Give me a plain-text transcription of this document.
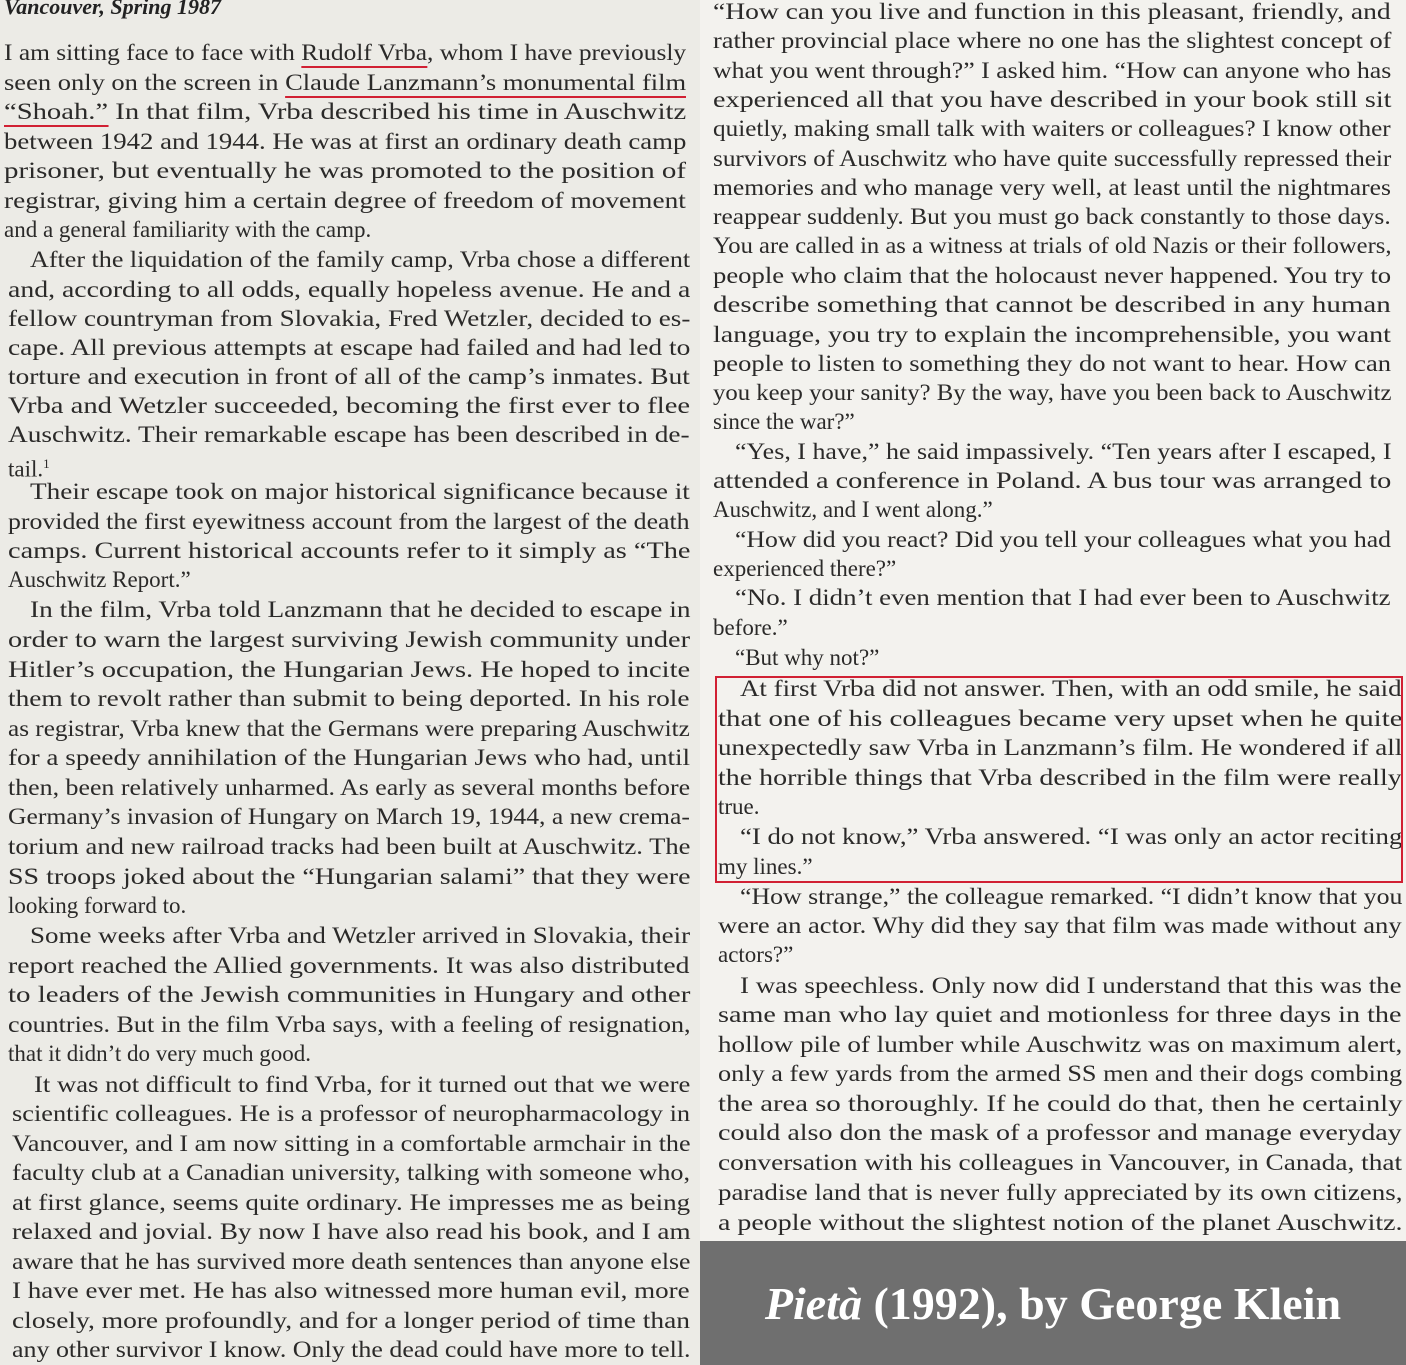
Vancouver, Spring 1987
I am sitting face to face with Rudolf Vrba, whom I have previously
seen only on the screen in Claude Lanzmann’s monumental film
“Shoah.” In that film, Vrba described his time in Auschwitz
between 1942 and 1944. He was at first an ordinary death camp
prisoner, but eventually he was promoted to the position of
registrar, giving him a certain degree of freedom of movement
and a general familiarity with the camp.
After the liquidation of the family camp, Vrba chose a different
and, according to all odds, equally hopeless avenue. He and a
fellow countryman from Slovakia, Fred Wetzler, decided to es-
cape. All previous attempts at escape had failed and had led to
torture and execution in front of all of the camp’s inmates. But
Vrba and Wetzler succeeded, becoming the first ever to flee
Auschwitz. Their remarkable escape has been described in de-
tail.$^1$
Their escape took on major historical significance because it
provided the first eyewitness account from the largest of the death
camps. Current historical accounts refer to it simply as “The
Auschwitz Report.”
In the film, Vrba told Lanzmann that he decided to escape in
order to warn the largest surviving Jewish community under
Hitler’s occupation, the Hungarian Jews. He hoped to incite
them to revolt rather than submit to being deported. In his role
as registrar, Vrba knew that the Germans were preparing Auschwitz
for a speedy annihilation of the Hungarian Jews who had, until
then, been relatively unharmed. As early as several months before
Germany’s invasion of Hungary on March 19, 1944, a new crema-
torium and new railroad tracks had been built at Auschwitz. The
SS troops joked about the “Hungarian salami” that they were
looking forward to.
Some weeks after Vrba and Wetzler arrived in Slovakia, their
report reached the Allied governments. It was also distributed
to leaders of the Jewish communities in Hungary and other
countries. But in the film Vrba says, with a feeling of resignation,
that it didn’t do very much good.
It was not difficult to find Vrba, for it turned out that we were
scientific colleagues. He is a professor of neuropharmacology in
Vancouver, and I am now sitting in a comfortable armchair in the
faculty club at a Canadian university, talking with someone who,
at first glance, seems quite ordinary. He impresses me as being
relaxed and jovial. By now I have also read his book, and I am
aware that he has survived more death sentences than anyone else
I have ever met. He has also witnessed more human evil, more
closely, more profoundly, and for a longer period of time than
any other survivor I know. Only the dead could have more to tell.
“How can you live and function in this pleasant, friendly, and
rather provincial place where no one has the slightest concept of
what you went through?” I asked him. “How can anyone who has
experienced all that you have described in your book still sit
quietly, making small talk with waiters or colleagues? I know other
survivors of Auschwitz who have quite successfully repressed their
memories and who manage very well, at least until the nightmares
reappear suddenly. But you must go back constantly to those days.
You are called in as a witness at trials of old Nazis or their followers,
people who claim that the holocaust never happened. You try to
describe something that cannot be described in any human
language, you try to explain the incomprehensible, you want
people to listen to something they do not want to hear. How can
you keep your sanity? By the way, have you been back to Auschwitz
since the war?”
“Yes, I have,” he said impassively. “Ten years after I escaped, I
attended a conference in Poland. A bus tour was arranged to
Auschwitz, and I went along.”
“How did you react? Did you tell your colleagues what you had
experienced there?”
“No. I didn’t even mention that I had ever been to Auschwitz
before.”
“But why not?”
At first Vrba did not answer. Then, with an odd smile, he said
that one of his colleagues became very upset when he quite
unexpectedly saw Vrba in Lanzmann’s film. He wondered if all
the horrible things that Vrba described in the film were really
true.
“I do not know,” Vrba answered. “I was only an actor reciting
my lines.”
“How strange,” the colleague remarked. “I didn’t know that you
were an actor. Why did they say that film was made without any
actors?”
I was speechless. Only now did I understand that this was the
same man who lay quiet and motionless for three days in the
hollow pile of lumber while Auschwitz was on maximum alert,
only a few yards from the armed SS men and their dogs combing
the area so thoroughly. If he could do that, then he certainly
could also don the mask of a professor and manage everyday
conversation with his colleagues in Vancouver, in Canada, that
paradise land that is never fully appreciated by its own citizens,
a people without the slightest notion of the planet Auschwitz.
Pietà (1992), by George Klein
